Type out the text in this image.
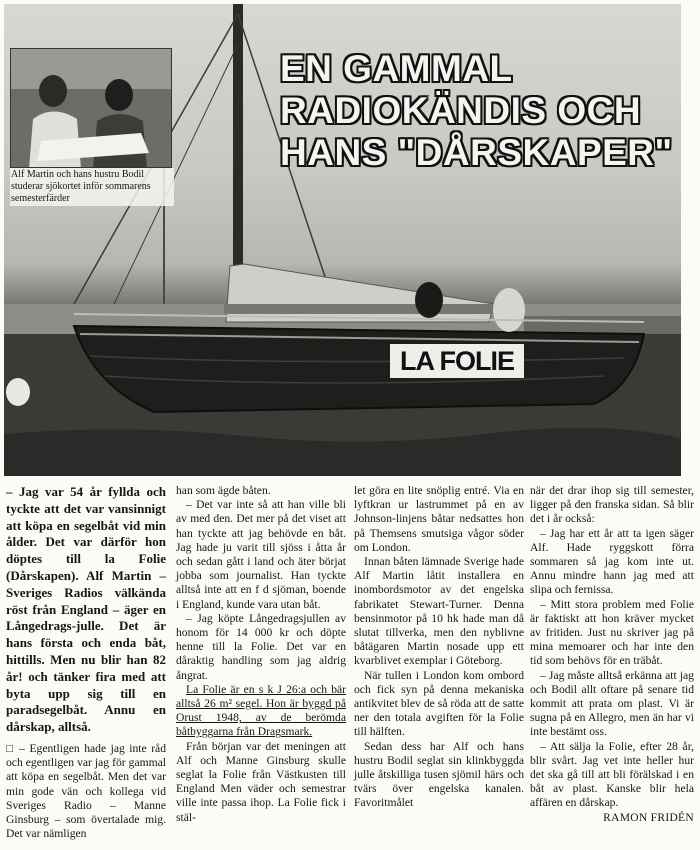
Alf Martin och hans hustru Bodil studerar sjökortet inför sommarens semesterfärder
LA FOLIE
EN GAMMAL RADIOKÄNDIS OCH HANS "DÅRSKAPER"

– Jag var 54 år fyllda och tyckte att det var vansinnigt att köpa en segelbåt vid min ålder. Det var därför hon döptes till la Folie (Dårskapen). Alf Martin – Sveriges Radios välkända röst från England – äger en Långedrags-julle. Det är hans första och enda båt, hittills. Men nu blir han 82 år! och tänker fira med att byta upp sig till en paradsegelbåt. Annu en dårskap, alltså.

□ – Egentligen hade jag inte råd och egentligen var jag för gammal att köpa en segelbåt. Men det var min gode vän och kollega vid Sveriges Radio – Manne Ginsburg – som övertalade mig. Det var nämligen

han som ägde båten.

– Det var inte så att han ville bli av med den. Det mer på det viset att han tyckte att jag behövde en båt. Jag hade ju varit till sjöss i åtta år och sedan gått i land och äter börjat jobba som journalist. Han tyckte alltså inte att en f d sjöman, boende i England, kunde vara utan båt.

– Jag köpte Långedragsjullen av honom för 14 000 kr och döpte henne till la Folie. Det var en dåraktig handling som jag aldrig ångrat.

La Folie är en s k J 26:a och bär alltså 26 m² segel. Hon är byggd på Orust 1948, av de berömda båtbyggarna från Dragsmark.

Från början var det meningen att Alf och Manne Ginsburg skulle seglat la Folie från Västkusten till England Men väder och semestrar ville inte passa ihop. La Folie fick i stäl-

let göra en lite snöplig entré. Via en lyftkran ur lastrummet på en av Johnson-linjens båtar nedsattes hon på Themsens smutsiga vågor söder om London.

Innan båten lämnade Sverige hade Alf Martin låtit installera en inombordsmotor av det engelska fabrikatet Stewart-Turner. Denna bensinmotor på 10 hk hade man då slutat tillverka, men den nyblivne båtägaren Martin nosade upp ett kvarblivet exemplar i Göteborg.

När tullen i London kom ombord och fick syn på denna mekaniska antikvitet blev de så röda att de satte ner den totala avgiften för la Folie till hälften.

Sedan dess har Alf och hans hustru Bodil seglat sin klinkbyggda julle åtskilliga tusen sjömil härs och tvärs över engelska kanalen. Favoritmålet

när det drar ihop sig till semester, ligger på den franska sidan. Så blir det i år också:

– Jag har ett år att ta igen säger Alf. Hade ryggskott förra sommaren så jag kom inte ut. Annu mindre hann jag med att slipa och fernissa.

– Mitt stora problem med Folie är faktiskt att hon kräver mycket av fritiden. Just nu skriver jag på mina memoarer och har inte den tid som behövs för en träbåt.

– Jag måste alltså erkänna att jag och Bodil allt oftare på senare tid kommit att prata om plast. Vi är sugna på en Allegro, men än har vi inte bestämt oss.

– Att sälja la Folie, efter 28 år, blir svårt. Jag vet inte heller hur det ska gå till att bli förälskad i en båt av plast. Kanske blir hela affären en dårskap.

RAMON FRIDÉN
